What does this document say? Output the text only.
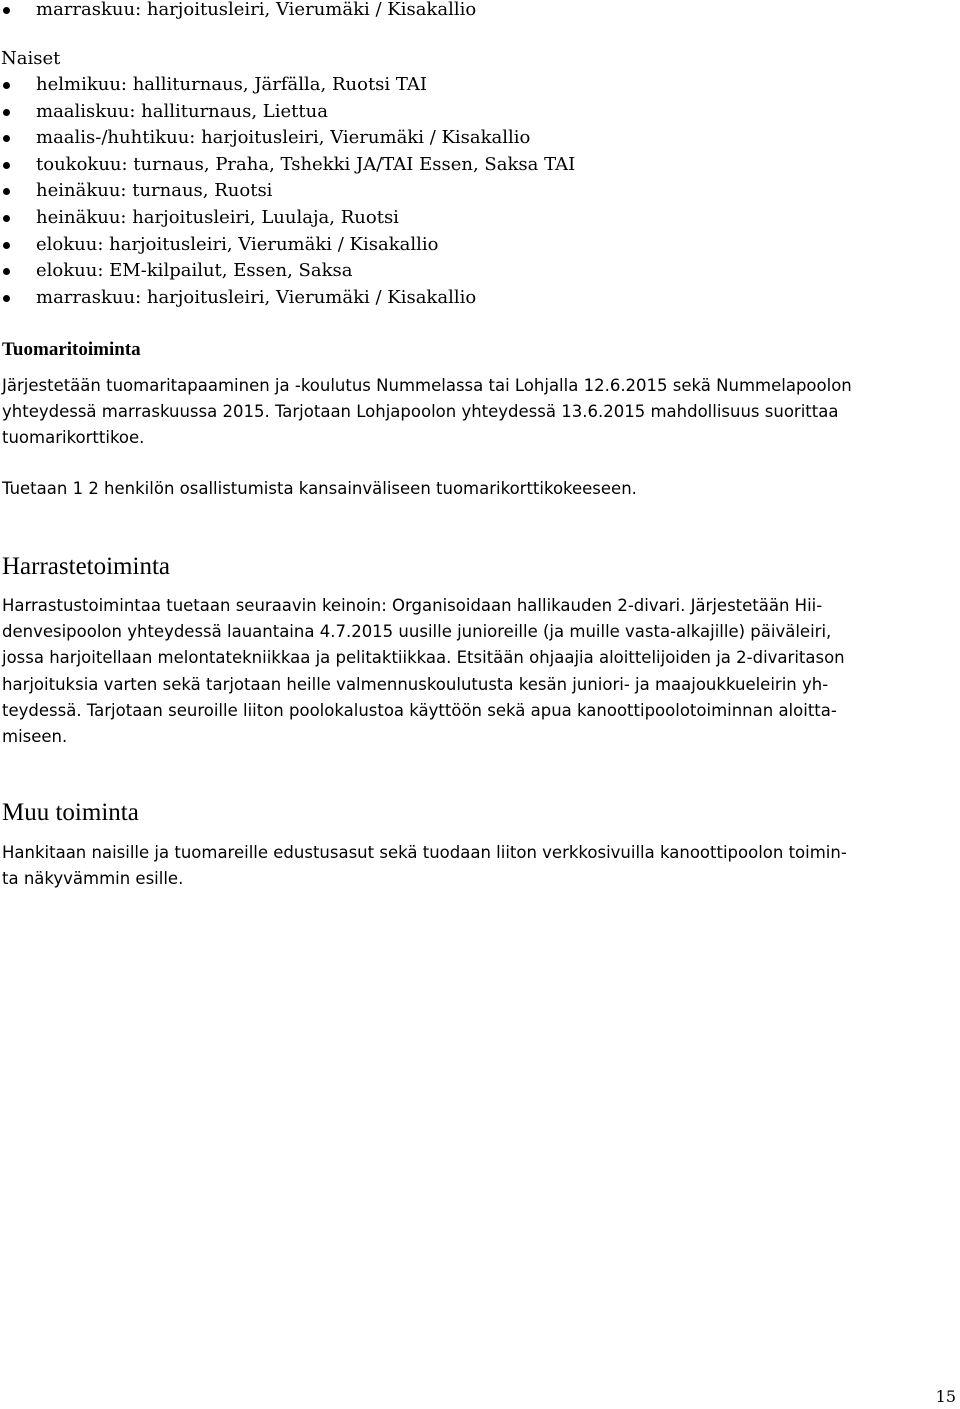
marraskuu: harjoitusleiri, Vierumäki / Kisakallio
Naiset
helmikuu: halliturnaus, Järfälla, Ruotsi TAI
maaliskuu: halliturnaus, Liettua
maalis-/huhtikuu: harjoitusleiri, Vierumäki / Kisakallio
toukokuu: turnaus, Praha, Tshekki JA/TAI Essen, Saksa TAI
heinäkuu: turnaus, Ruotsi
heinäkuu: harjoitusleiri, Luulaja, Ruotsi
elokuu: harjoitusleiri, Vierumäki / Kisakallio
elokuu: EM-kilpailut, Essen, Saksa
marraskuu: harjoitusleiri, Vierumäki / Kisakallio
Tuomaritoiminta

Järjestetään tuomaritapaaminen ja -koulutus Nummelassa tai Lohjalla 12.6.2015 sekä Nummelapoolon
yhteydessä marraskuussa 2015. Tarjotaan Lohjapoolon yhteydessä 13.6.2015 mahdollisuus suorittaa
tuomarikorttikoe.

Tuetaan 1 2 henkilön osallistumista kansainväliseen tuomarikorttikokeeseen.

Harrastetoiminta

Harrastustoimintaa tuetaan seuraavin keinoin: Organisoidaan hallikauden 2-divari. Järjestetään Hii-
denvesipoolon yhteydessä lauantaina 4.7.2015 uusille junioreille (ja muille vasta-alkajille) päiväleiri,
jossa harjoitellaan melontatekniikkaa ja pelitaktiikkaa. Etsitään ohjaajia aloittelijoiden ja 2-divaritason
harjoituksia varten sekä tarjotaan heille valmennuskoulutusta kesän juniori- ja maajoukkueleirin yh-
teydessä. Tarjotaan seuroille liiton poolokalustoa käyttöön sekä apua kanoottipoolotoiminnan aloitta-
miseen.

Muu toiminta

Hankitaan naisille ja tuomareille edustusasut sekä tuodaan liiton verkkosivuilla kanoottipoolon toimin-
ta näkyvämmin esille.

15
